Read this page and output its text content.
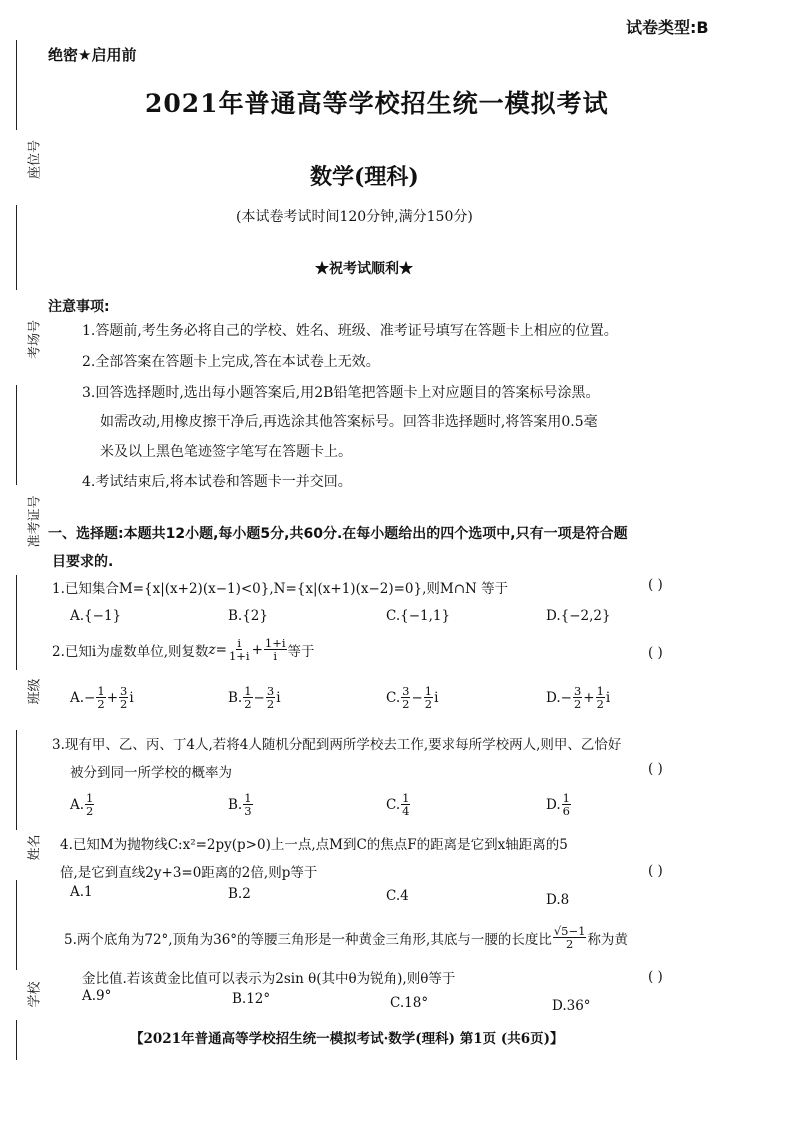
座位号
考场号
准考证号
班级
姓名
学校
试卷类型:B
绝密★启用前
2021年普通高等学校招生统一模拟考试
数学(理科)
(本试卷考试时间120分钟,满分150分)
★祝考试顺利★
注意事项:
1.答题前,考生务必将自己的学校、姓名、班级、准考证号填写在答题卡上相应的位置。
2.全部答案在答题卡上完成,答在本试卷上无效。
3.回答选择题时,选出每小题答案后,用2B铅笔把答题卡上对应题目的答案标号涂黑。
如需改动,用橡皮擦干净后,再选涂其他答案标号。回答非选择题时,将答案用0.5毫
米及以上黑色笔迹签字笔写在答题卡上。
4.考试结束后,将本试卷和答题卡一并交回。
一、选择题:本题共12小题,每小题5分,共60分.在每小题给出的四个选项中,只有一项是符合题
目要求的.
1.已知集合M={x|(x+2)(x−1)<0},N={x|(x+1)(x−2)=0},则M∩N 等于	( )
A.{−1}	B.{2}	C.{−1,1}	D.{−2,2}
2.已知i为虚数单位,则复数 $z= \frac{i}{1+i} + \frac{1+i}{i}$ 等于	( )
$A.- \frac{1}{2} + \frac{3}{2}$ i	B. $\frac{1}{2} - \frac{3}{2}$ i	C. $\frac{3}{2} - \frac{1}{2}$ i	$D.- \frac{3}{2} + \frac{1}{2}$ i
3.现有甲、乙、丙、丁4人,若将4人随机分配到两所学校去工作,要求每所学校两人,则甲、乙恰好
被分到同一所学校的概率为	( )
A. $\frac{1}{2}$	B. $\frac{1}{3}$	C. $\frac{1}{4}$	D. $\frac{1}{6}$
4.已知M为抛物线C:x²=2py(p>0)上一点,点M到C的焦点F的距离是它到x轴距离的5
倍,是它到直线2y+3=0距离的2倍,则p等于	( )
A.1	B.2	C.4	D.8
5.两个底角为72°,顶角为36°的等腰三角形是一种黄金三角形,其底与一腰的长度比 $\frac{√5-1}{2}$ 称为黄
金比值.若该黄金比值可以表示为2sin θ(其中θ为锐角),则θ等于	( )
A.9°	B.12°	C.18°	D.36°
【2021年普通高等学校招生统一模拟考试·数学(理科) 第1页 (共6页)】
